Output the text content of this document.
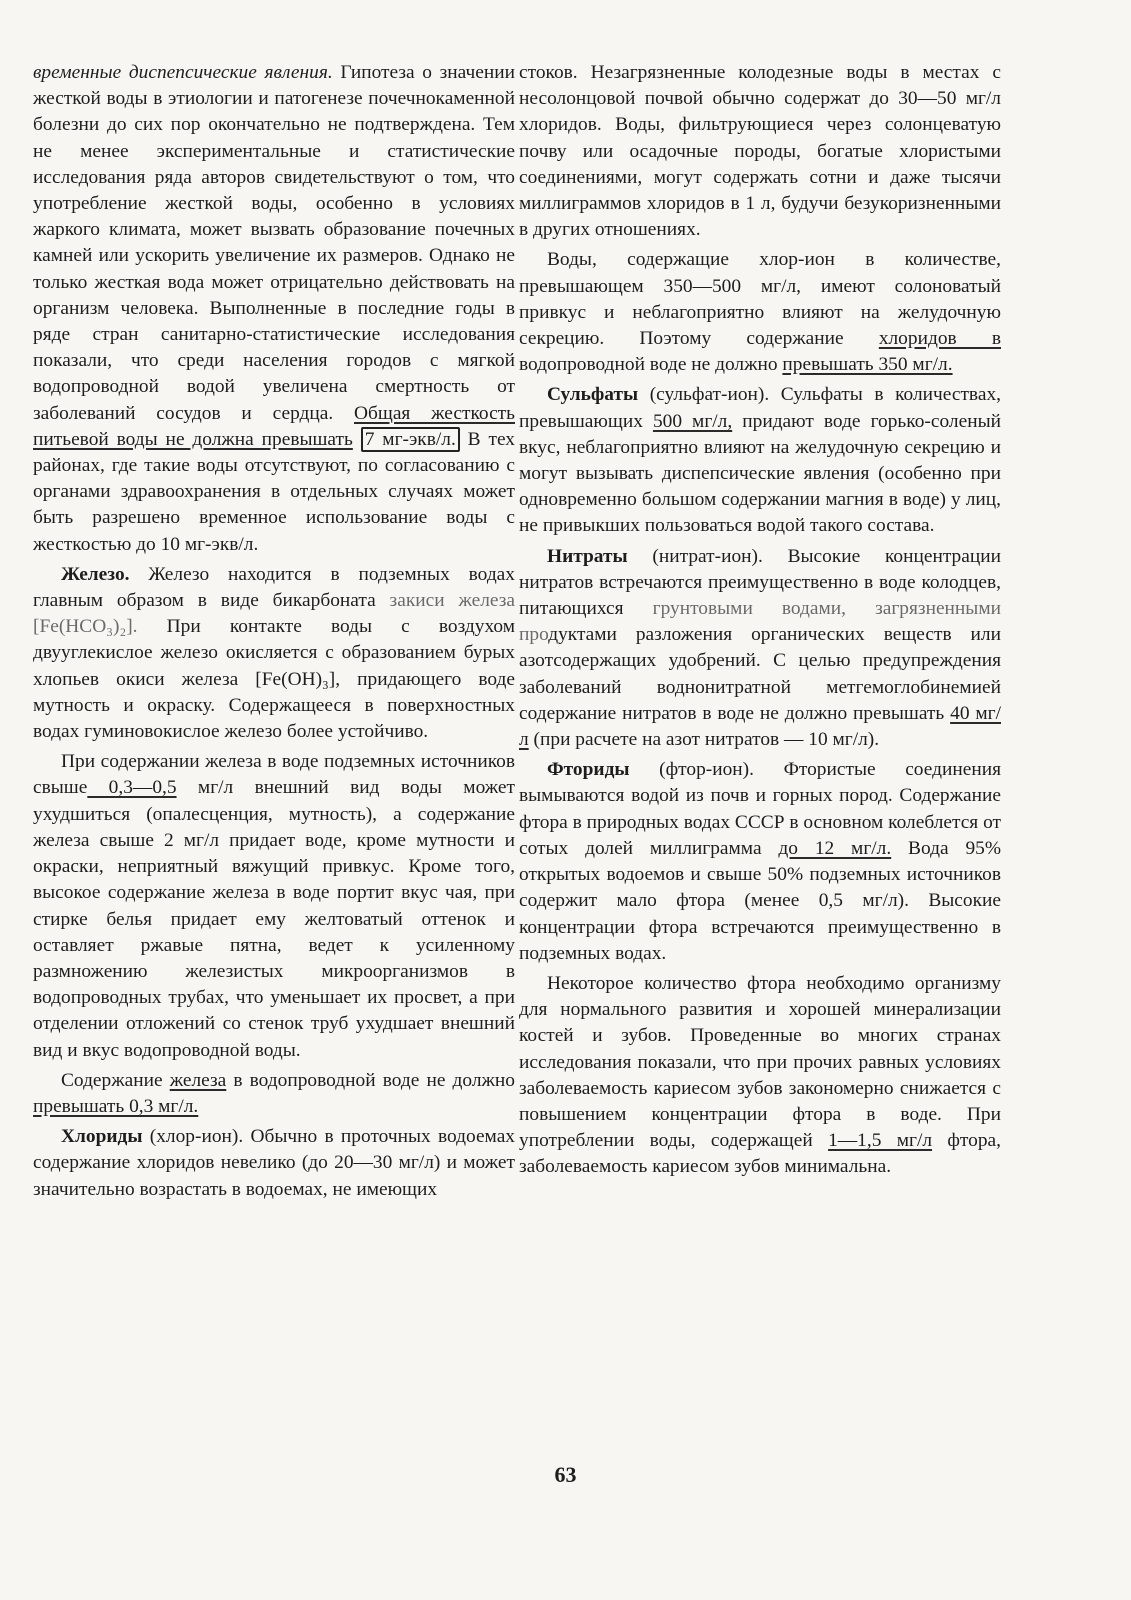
временные диспепсические явления. Гипотеза о значении жесткой воды в этиологии и патогенезе почечнокаменной болезни до сих пор окончательно не подтверждена. Тем не менее экспериментальные и статистические исследования ряда авторов свидетельствуют о том, что употребление жесткой воды, особенно в условиях жаркого климата, может вызвать образование почечных камней или ускорить увеличение их размеров. Однако не только жесткая вода может отрицательно действовать на организм человека. Выполненные в последние годы в ряде стран санитарно-статистические исследования показали, что среди населения городов с мягкой водопроводной водой увеличена смертность от заболеваний сосудов и сердца. Общая жесткость питьевой воды не должна превышать 7 мг-экв/л. В тех районах, где такие воды отсутствуют, по согласованию с органами здравоохранения в отдельных случаях может быть разрешено временное использование воды с жесткостью до 10 мг-экв/л.

Железо. Железо находится в подземных водах главным образом в виде бикарбоната закиси железа [Fe(HCO₃)₂]. При контакте воды с воздухом двууглекислое железо окисляется с образованием бурых хлопьев окиси железа [Fe(OH)₃], придающего воде мутность и окраску. Содержащееся в поверхностных водах гуминовокислое железо более устойчиво.

При содержании железа в воде подземных источников свыше 0,3—0,5 мг/л внешний вид воды может ухудшиться (опалесценция, мутность), а содержание железа свыше 2 мг/л придает воде, кроме мутности и окраски, неприятный вяжущий привкус. Кроме того, высокое содержание железа в воде портит вкус чая, при стирке белья придает ему желтоватый оттенок и оставляет ржавые пятна, ведет к усиленному размножению железистых микроорганизмов в водопроводных трубах, что уменьшает их просвет, а при отделении отложений со стенок труб ухудшает внешний вид и вкус водопроводной воды.

Содержание железа в водопроводной воде не должно превышать 0,3 мг/л.

Хлориды (хлор-ион). Обычно в проточных водоемах содержание хлоридов невелико (до 20—30 мг/л) и может значительно возрастать в водоемах, не имеющих

стоков. Незагрязненные колодезные воды в местах с несолонцовой почвой обычно содержат до 30—50 мг/л хлоридов. Воды, фильтрующиеся через солонцеватую почву или осадочные породы, богатые хлористыми соединениями, могут содержать сотни и даже тысячи миллиграммов хлоридов в 1 л, будучи безукоризненными в других отношениях.

Воды, содержащие хлор-ион в количестве, превышающем 350—500 мг/л, имеют солоноватый привкус и неблагоприятно влияют на желудочную секрецию. Поэтому содержание хлоридов в водопроводной воде не должно превышать 350 мг/л.

Сульфаты (сульфат-ион). Сульфаты в количествах, превышающих 500 мг/л, придают воде горько-соленый вкус, неблагоприятно влияют на желудочную секрецию и могут вызывать диспепсические явления (особенно при одновременно большом содержании магния в воде) у лиц, не привыкших пользоваться водой такого состава.

Нитраты (нитрат-ион). Высокие концентрации нитратов встречаются преимущественно в воде колодцев, питающихся грунтовыми водами, загрязненными продуктами разложения органических веществ или азотсодержащих удобрений. С целью предупреждения заболеваний воднонитратной метгемоглобинемией содержание нитратов в воде не должно превышать 40 мг/л (при расчете на азот нитратов — 10 мг/л).

Фториды (фтор-ион). Фтористые соединения вымываются водой из почв и горных пород. Содержание фтора в природных водах СССР в основном колеблется от сотых долей миллиграмма до 12 мг/л. Вода 95% открытых водоемов и свыше 50% подземных источников содержит мало фтора (менее 0,5 мг/л). Высокие концентрации фтора встречаются преимущественно в подземных водах.

Некоторое количество фтора необходимо организму для нормального развития и хорошей минерализации костей и зубов. Проведенные во многих странах исследования показали, что при прочих равных условиях заболеваемость кариесом зубов закономерно снижается с повышением концентрации фтора в воде. При употреблении воды, содержащей 1—1,5 мг/л фтора, заболеваемость кариесом зубов минимальна.

63
